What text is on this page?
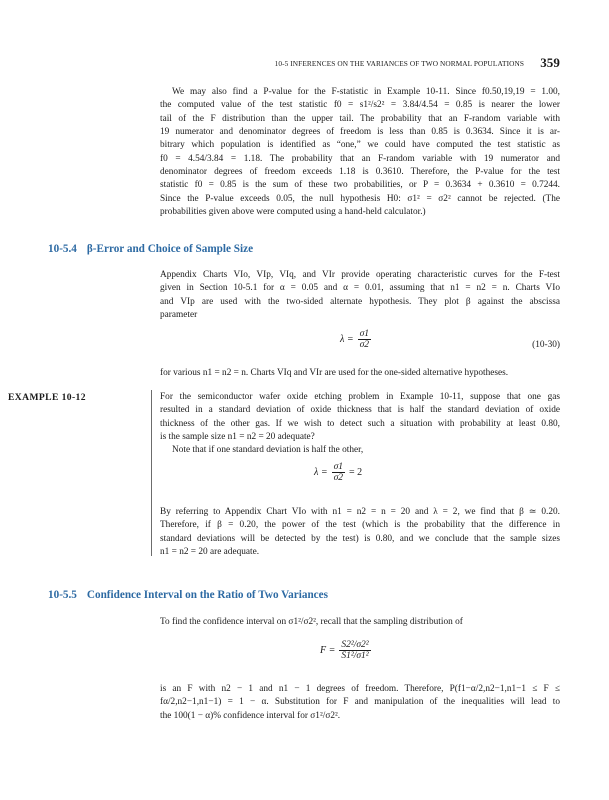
10-5 INFERENCES ON THE VARIANCES OF TWO NORMAL POPULATIONS 359

We may also find a P-value for the F-statistic in Example 10-11. Since f0.50,19,19 = 1.00,
the computed value of the test statistic f0 = s1²/s2² = 3.84/4.54 = 0.85 is nearer the lower
tail of the F distribution than the upper tail. The probability that an F-random variable with
19 numerator and denominator degrees of freedom is less than 0.85 is 0.3634. Since it is ar-
bitrary which population is identified as “one,” we could have computed the test statistic as
f0 = 4.54/3.84 = 1.18. The probability that an F-random variable with 19 numerator and
denominator degrees of freedom exceeds 1.18 is 0.3610. Therefore, the P-value for the test
statistic f0 = 0.85 is the sum of these two probabilities, or P = 0.3634 + 0.3610 = 0.7244.
Since the P-value exceeds 0.05, the null hypothesis H0: σ1² = σ2² cannot be rejected. (The
probabilities given above were computed using a hand-held calculator.)

10-5.4 β-Error and Choice of Sample Size

Appendix Charts VIo, VIp, VIq, and VIr provide operating characteristic curves for the F-test
given in Section 10-5.1 for α = 0.05 and α = 0.01, assuming that n1 = n2 = n. Charts VIo
and VIp are used with the two-sided alternate hypothesis. They plot β against the abscissa
parameter

$\lambda = \frac{\sigma 1}{\sigma 2}$	(10-30)

for various n1 = n2 = n. Charts VIq and VIr are used for the one-sided alternative hypotheses.

EXAMPLE 10-12	For the semiconductor wafer oxide etching problem in Example 10-11, suppose that one gas
resulted in a standard deviation of oxide thickness that is half the standard deviation of oxide
thickness of the other gas. If we wish to detect such a situation with probability at least 0.80,
is the sample size n1 = n2 = 20 adequate?

Note that if one standard deviation is half the other,

$\lambda = \frac{\sigma 1}{\sigma 2} = 2$

By referring to Appendix Chart VIo with n1 = n2 = n = 20 and λ = 2, we find that β ≃ 0.20.
Therefore, if β = 0.20, the power of the test (which is the probability that the difference in
standard deviations will be detected by the test) is 0.80, and we conclude that the sample sizes
n1 = n2 = 20 are adequate.

10-5.5 Confidence Interval on the Ratio of Two Variances

To find the confidence interval on σ1²/σ2², recall that the sampling distribution of

$F = \frac{\text{S2²/σ2²}}{\text{S1²/σ1²}}$

is an F with n2 − 1 and n1 − 1 degrees of freedom. Therefore, P(f1−α/2,n2−1,n1−1 ≤ F ≤
fα/2,n2−1,n1−1) = 1 − α. Substitution for F and manipulation of the inequalities will lead to
the 100(1 − α)% confidence interval for σ1²/σ2².
